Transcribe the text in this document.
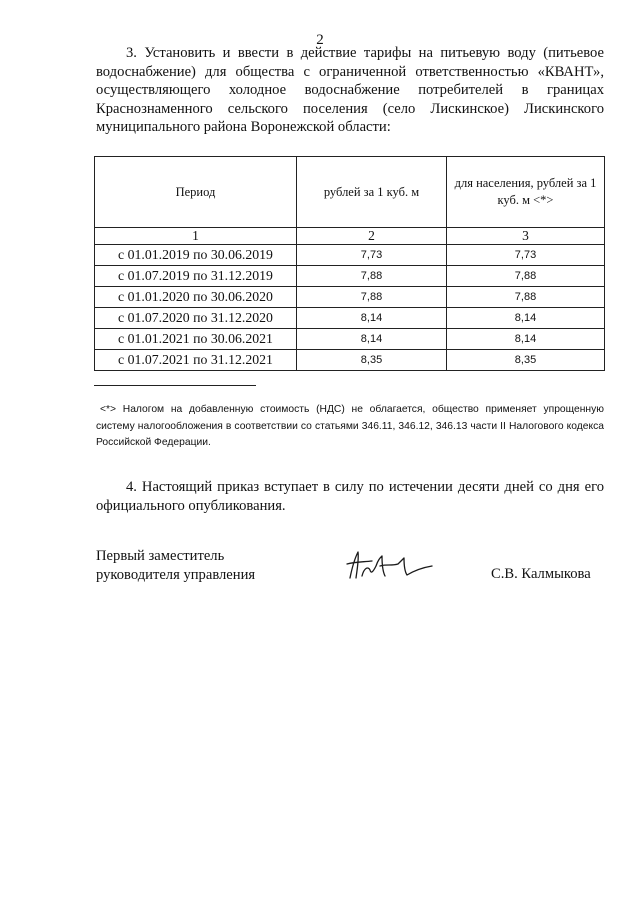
2

3. Установить и ввести в действие тарифы на питьевую воду (питьевое водоснабжение) для общества с ограниченной ответственностью «КВАНТ», осуществляющего холодное водоснабжение потребителей в границах Краснознаменного сельского поселения (село Лискинское) Лискинского муниципального района Воронежской области:

Период	рублей за 1 куб. м	для населения, рублей за 1 куб. м <*>
1	2	3
с 01.01.2019 по 30.06.2019	7,73	7,73
с 01.07.2019 по 31.12.2019	7,88	7,88
с 01.01.2020 по 30.06.2020	7,88	7,88
с 01.07.2020 по 31.12.2020	8,14	8,14
с 01.01.2021 по 30.06.2021	8,14	8,14
с 01.07.2021 по 31.12.2021	8,35	8,35

<*> Налогом на добавленную стоимость (НДС) не облагается, общество применяет упрощенную систему налогообложения в соответствии со статьями 346.11, 346.12, 346.13 части II Налогового кодекса Российской Федерации.

4. Настоящий приказ вступает в силу по истечении десяти дней со дня его официального опубликования.

Первый заместитель
руководителя управления	С.В. Калмыкова
